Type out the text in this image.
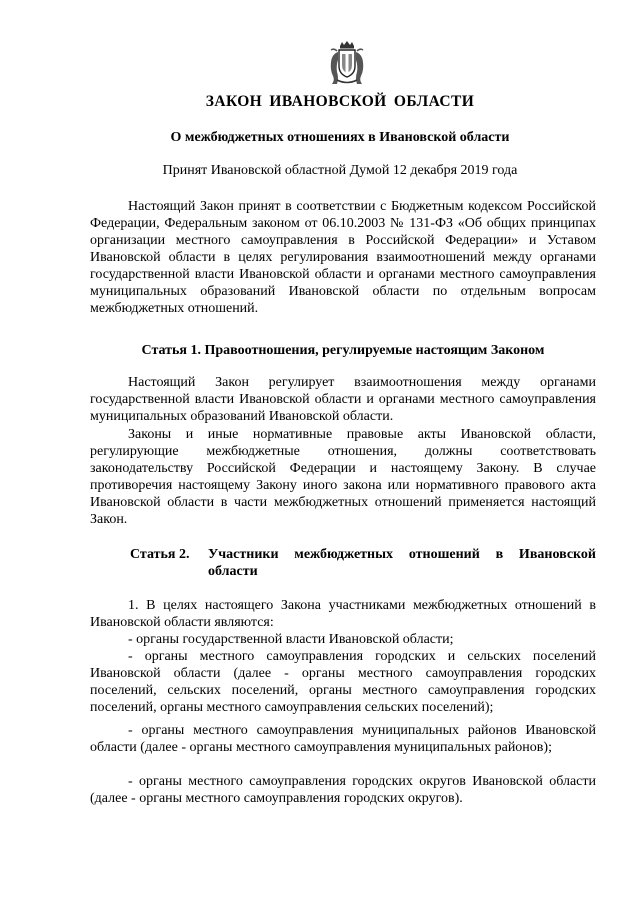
ЗАКОН ИВАНОВСКОЙ ОБЛАСТИ
О межбюджетных отношениях в Ивановской области
Принят Ивановской областной Думой 12 декабря 2019 года

Настоящий Закон принят в соответствии с Бюджетным кодексом Российской Федерации, Федеральным законом от 06.10.2003 № 131-ФЗ «Об общих принципах организации местного самоуправления в Российской Федерации» и Уставом Ивановской области в целях регулирования взаимоотношений между органами государственной власти Ивановской области и органами местного самоуправления муниципальных образований Ивановской области по отдельным вопросам межбюджетных отношений.

Статья 1. Правоотношения, регулируемые настоящим Законом

Настоящий Закон регулирует взаимоотношения между органами государственной власти Ивановской области и органами местного самоуправления муниципальных образований Ивановской области.

Законы и иные нормативные правовые акты Ивановской области, регулирующие межбюджетные отношения, должны соответствовать законодательству Российской Федерации и настоящему Закону. В случае противоречия настоящему Закону иного закона или нормативного правового акта Ивановской области в части межбюджетных отношений применяется настоящий Закон.

Статья 2.	Участники межбюджетных отношений в Ивановской области

1. В целях настоящего Закона участниками межбюджетных отношений в Ивановской области являются:

- органы государственной власти Ивановской области;

- органы местного самоуправления городских и сельских поселений Ивановской области (далее - органы местного самоуправления городских поселений, сельских поселений, органы местного самоуправления городских поселений, органы местного самоуправления сельских поселений);

- органы местного самоуправления муниципальных районов Ивановской области (далее - органы местного самоуправления муниципальных районов);

- органы местного самоуправления городских округов Ивановской области (далее - органы местного самоуправления городских округов).
